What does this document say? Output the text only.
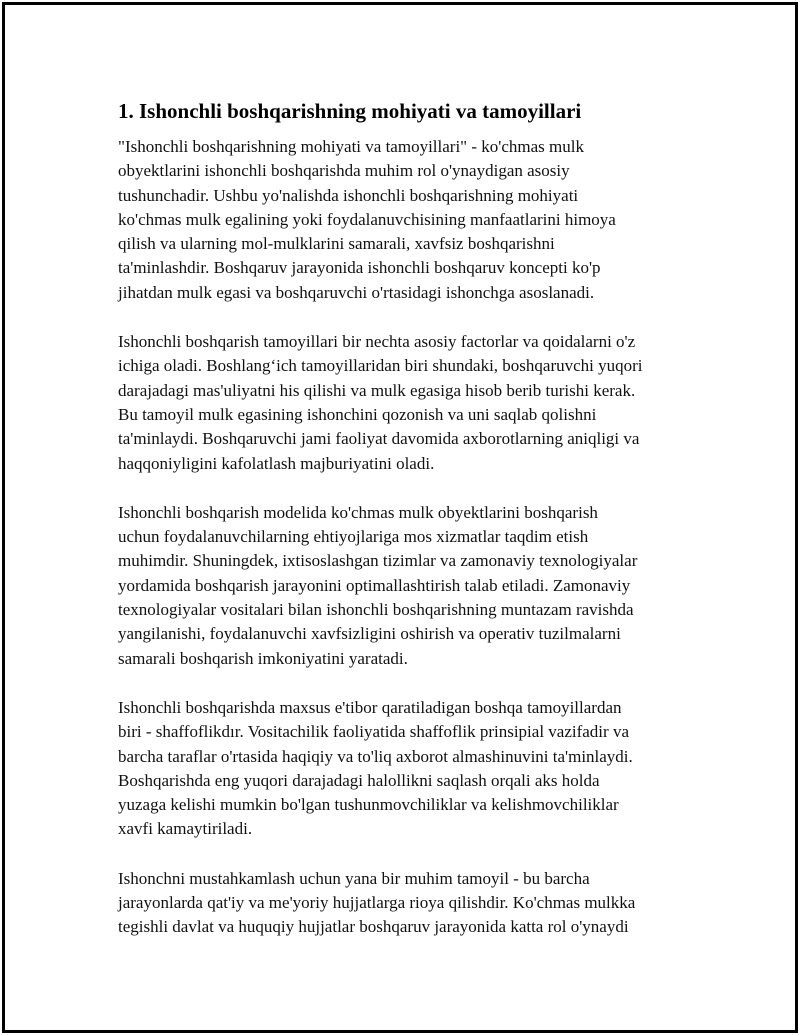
1. Ishonchli boshqarishning mohiyati va tamoyillari

"Ishonchli boshqarishning mohiyati va tamoyillari" - ko'chmas mulk
obyektlarini ishonchli boshqarishda muhim rol o'ynaydigan asosiy
tushunchadir. Ushbu yo'nalishda ishonchli boshqarishning mohiyati
ko'chmas mulk egalining yoki foydalanuvchisining manfaatlarini himoya
qilish va ularning mol-mulklarini samarali, xavfsiz boshqarishni
ta'minlashdir. Boshqaruv jarayonida ishonchli boshqaruv koncepti ko'p
jihatdan mulk egasi va boshqaruvchi o'rtasidagi ishonchga asoslanadi.

Ishonchli boshqarish tamoyillari bir nechta asosiy factorlar va qoidalarni o'z
ichiga oladi. Boshlang‘ich tamoyillaridan biri shundaki, boshqaruvchi yuqori
darajadagi mas'uliyatni his qilishi va mulk egasiga hisob berib turishi kerak.
Bu tamoyil mulk egasining ishonchini qozonish va uni saqlab qolishni
ta'minlaydi. Boshqaruvchi jami faoliyat davomida axborotlarning aniqligi va
haqqoniyligini kafolatlash majburiyatini oladi.

Ishonchli boshqarish modelida ko'chmas mulk obyektlarini boshqarish
uchun foydalanuvchilarning ehtiyojlariga mos xizmatlar taqdim etish
muhimdir. Shuningdek, ixtisoslashgan tizimlar va zamonaviy texnologiyalar
yordamida boshqarish jarayonini optimallashtirish talab etiladi. Zamonaviy
texnologiyalar vositalari bilan ishonchli boshqarishning muntazam ravishda
yangilanishi, foydalanuvchi xavfsizligini oshirish va operativ tuzilmalarni
samarali boshqarish imkoniyatini yaratadi.

Ishonchli boshqarishda maxsus e'tibor qaratiladigan boshqa tamoyillardan
biri - shaffoflikdır. Vositachilik faoliyatida shaffoflik prinsipial vazifadir va
barcha taraflar o'rtasida haqiqiy va to'liq axborot almashinuvini ta'minlaydi.
Boshqarishda eng yuqori darajadagi halollikni saqlash orqali aks holda
yuzaga kelishi mumkin bo'lgan tushunmovchiliklar va kelishmovchiliklar
xavfi kamaytiriladi.

Ishonchni mustahkamlash uchun yana bir muhim tamoyil - bu barcha
jarayonlarda qat'iy va me'yoriy hujjatlarga rioya qilishdir. Ko'chmas mulkka
tegishli davlat va huquqiy hujjatlar boshqaruv jarayonida katta rol o'ynaydi
